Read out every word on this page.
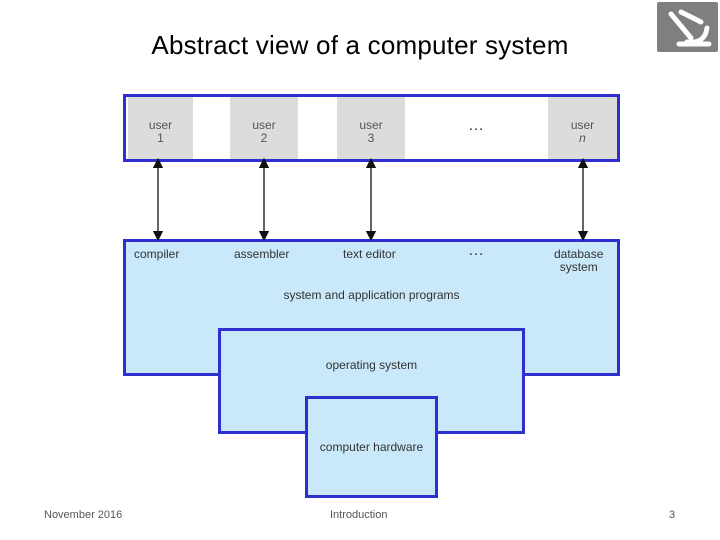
Abstract view of a computer system
user
1
user
2
user
3
…	user
n
compiler	assembler	text editor	…	database
system
system and application programs
operating system
computer hardware
November 2016	Introduction	3
